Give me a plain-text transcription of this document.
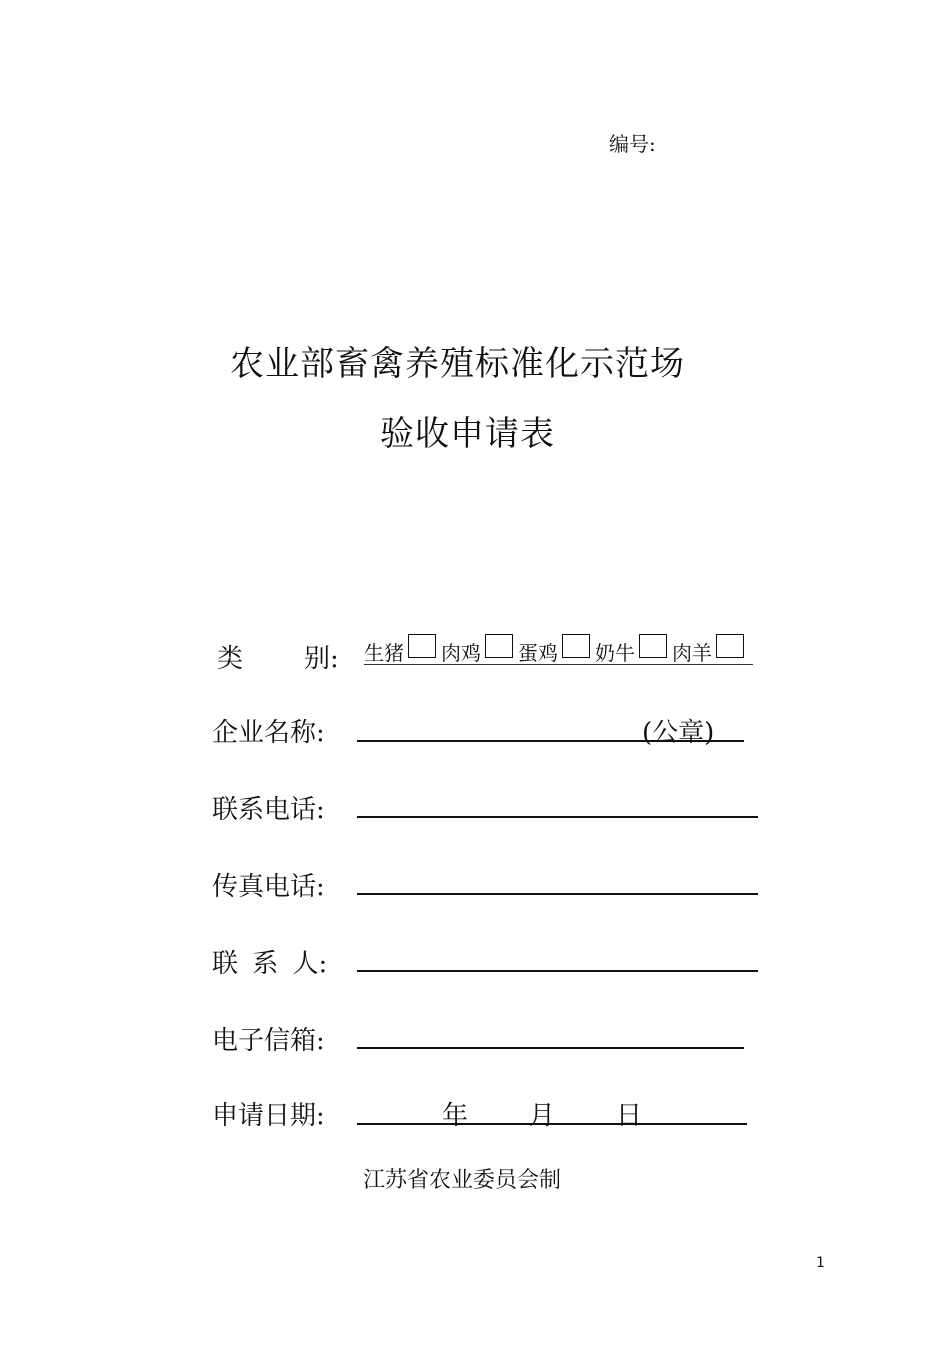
编号:
农业部畜禽养殖标准化示范场
验收申请表
类 别: 生猪 肉鸡 蛋鸡 奶牛 肉羊
企业名称:	(公章)
联系电话:
传真电话:
联 系 人:
电子信箱:
申请日期:	年 月 日
江苏省农业委员会制
1
